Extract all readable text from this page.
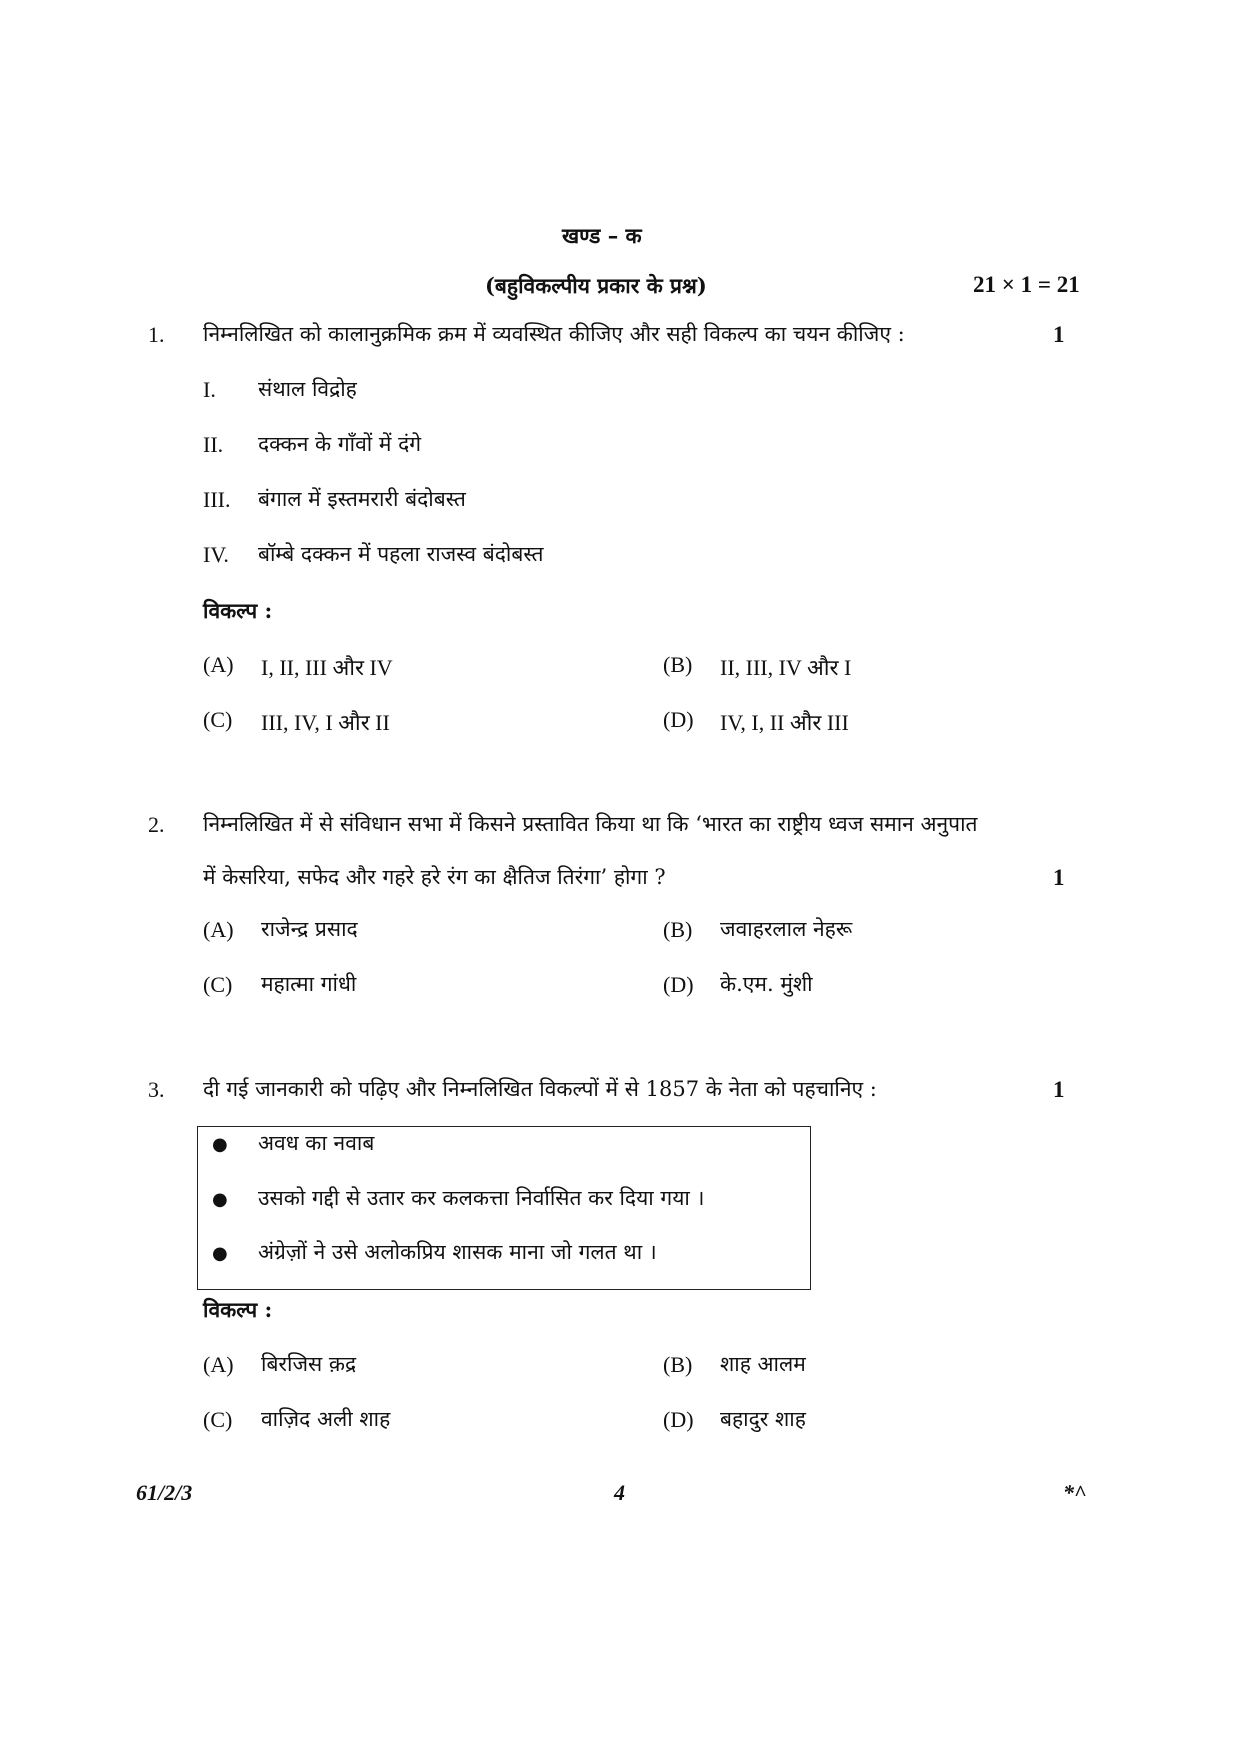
खण्ड – क
(बहुविकल्पीय प्रकार के प्रश्न)	21 × 1 = 21
1. निम्नलिखित को कालानुक्रमिक क्रम में व्यवस्थित कीजिए और सही विकल्प का चयन कीजिए :	1
I. संथाल विद्रोह
II. दक्कन के गाँवों में दंगे
III. बंगाल में इस्तमरारी बंदोबस्त
IV. बॉम्बे दक्कन में पहला राजस्व बंदोबस्त
विकल्प :
(A) I, II, III और IV	(B) II, III, IV और I
(C) III, IV, I और II	(D) IV, I, II और III
2. निम्नलिखित में से संविधान सभा में किसने प्रस्तावित किया था कि ‘भारत का राष्ट्रीय ध्वज समान अनुपात
में केसरिया, सफेद और गहरे हरे रंग का क्षैतिज तिरंगा’ होगा ?	1
(A) राजेन्द्र प्रसाद	(B) जवाहरलाल नेहरू
(C) महात्मा गांधी	(D) के.एम. मुंशी
3. दी गई जानकारी को पढ़िए और निम्नलिखित विकल्पों में से 1857 के नेता को पहचानिए :	1
● अवध का नवाब
● उसको गद्दी से उतार कर कलकत्ता निर्वासित कर दिया गया ।
● अंग्रेज़ों ने उसे अलोकप्रिय शासक माना जो गलत था ।
विकल्प :
(A) बिरजिस क़द्र	(B) शाह आलम
(C) वाज़िद अली शाह	(D) बहादुर शाह
61/2/3	4	*^
